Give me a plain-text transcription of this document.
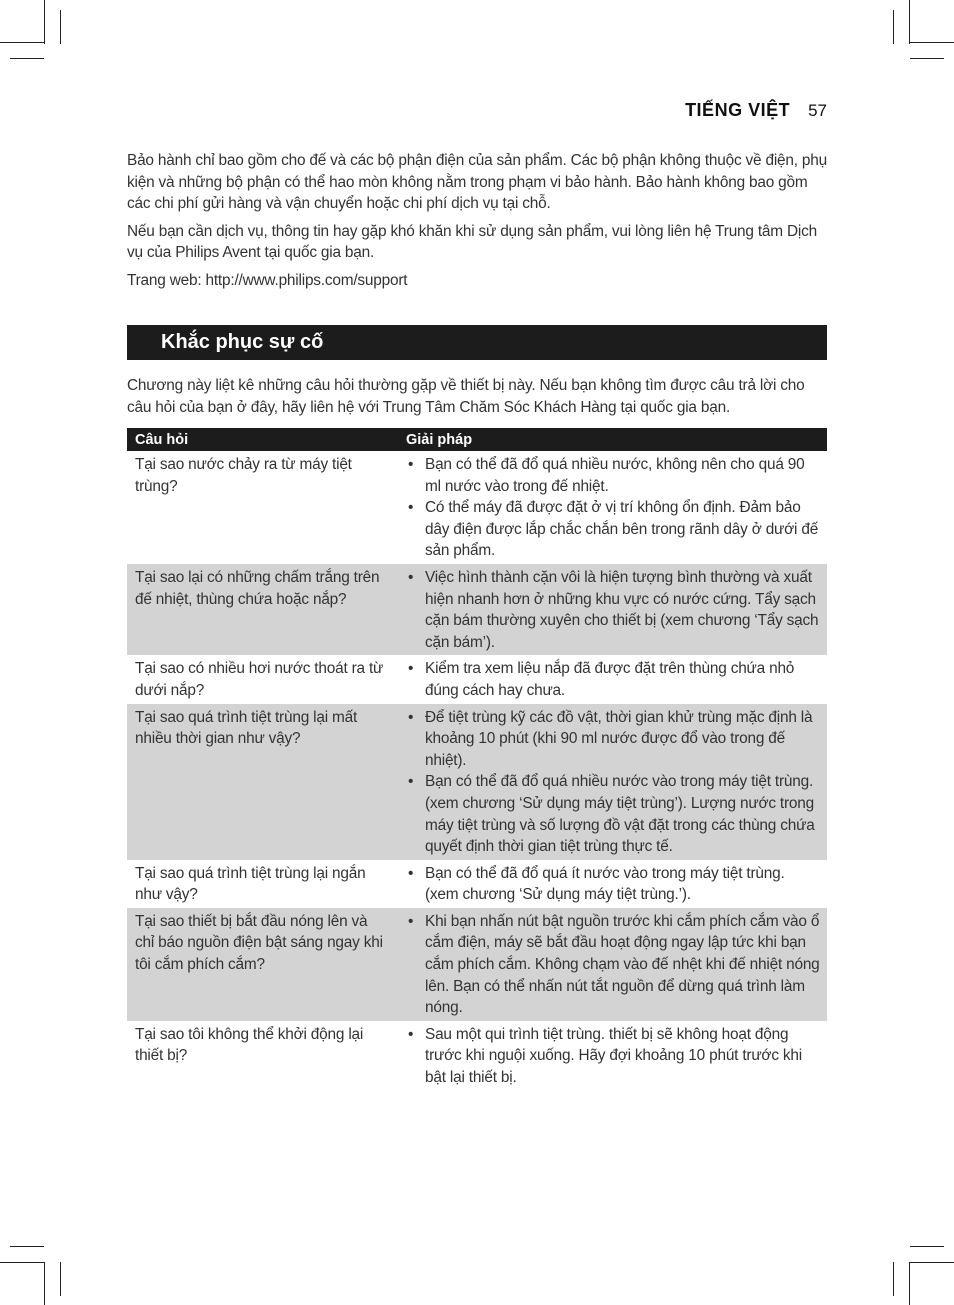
TIẾNG VIỆT 57

Bảo hành chỉ bao gồm cho đế và các bộ phận điện của sản phẩm. Các bộ phận không thuộc về điện, phụ kiện và những bộ phận có thể hao mòn không nằm trong phạm vi bảo hành. Bảo hành không bao gồm các chi phí gửi hàng và vận chuyển hoặc chi phí dịch vụ tại chỗ.

Nếu bạn cần dịch vụ, thông tin hay gặp khó khăn khi sử dụng sản phẩm, vui lòng liên hệ Trung tâm Dịch vụ của Philips Avent tại quốc gia bạn.

Trang web: http://www.philips.com/support

Khắc phục sự cố

Chương này liệt kê những câu hỏi thường gặp về thiết bị này. Nếu bạn không tìm được câu trả lời cho câu hỏi của bạn ở đây, hãy liên hệ với Trung Tâm Chăm Sóc Khách Hàng tại quốc gia bạn.

Câu hỏi	Giải pháp
Tại sao nước chảy ra từ máy tiệt trùng?
• Bạn có thể đã đổ quá nhiều nước, không nên cho quá 90 ml nước vào trong đế nhiệt.
• Có thể máy đã được đặt ở vị trí không ổn định. Đảm bảo dây điện được lắp chắc chắn bên trong rãnh dây ở dưới đế sản phẩm.
Tại sao lại có những chấm trắng trên đế nhiệt, thùng chứa hoặc nắp?
• Việc hình thành cặn vôi là hiện tượng bình thường và xuất hiện nhanh hơn ở những khu vực có nước cứng. Tẩy sạch cặn bám thường xuyên cho thiết bị (xem chương ‘Tẩy sạch cặn bám’).
Tại sao có nhiều hơi nước thoát ra từ dưới nắp?
• Kiểm tra xem liệu nắp đã được đặt trên thùng chứa nhỏ đúng cách hay chưa.
Tại sao quá trình tiệt trùng lại mất nhiều thời gian như vậy?
• Để tiệt trùng kỹ các đồ vật, thời gian khử trùng mặc định là khoảng 10 phút (khi 90 ml nước được đổ vào trong đế nhiệt).
• Bạn có thể đã đổ quá nhiều nước vào trong máy tiệt trùng. (xem chương ‘Sử dụng máy tiệt trùng’). Lượng nước trong máy tiệt trùng và số lượng đồ vật đặt trong các thùng chứa quyết định thời gian tiệt trùng thực tế.
Tại sao quá trình tiệt trùng lại ngắn như vậy?
• Bạn có thể đã đổ quá ít nước vào trong máy tiệt trùng. (xem chương ‘Sử dụng máy tiệt trùng.’).
Tại sao thiết bị bắt đầu nóng lên và chỉ báo nguồn điện bật sáng ngay khi tôi cắm phích cắm?
• Khi bạn nhấn nút bật nguồn trước khi cắm phích cắm vào ổ cắm điện, máy sẽ bắt đầu hoạt động ngay lập tức khi bạn cắm phích cắm. Không chạm vào đế nhệt khi đế nhiệt nóng lên. Bạn có thể nhấn nút tắt nguồn để dừng quá trình làm nóng.
Tại sao tôi không thể khởi động lại thiết bị?
• Sau một qui trình tiệt trùng. thiết bị sẽ không hoạt động trước khi nguội xuống. Hãy đợi khoảng 10 phút trước khi bật lại thiết bị.
